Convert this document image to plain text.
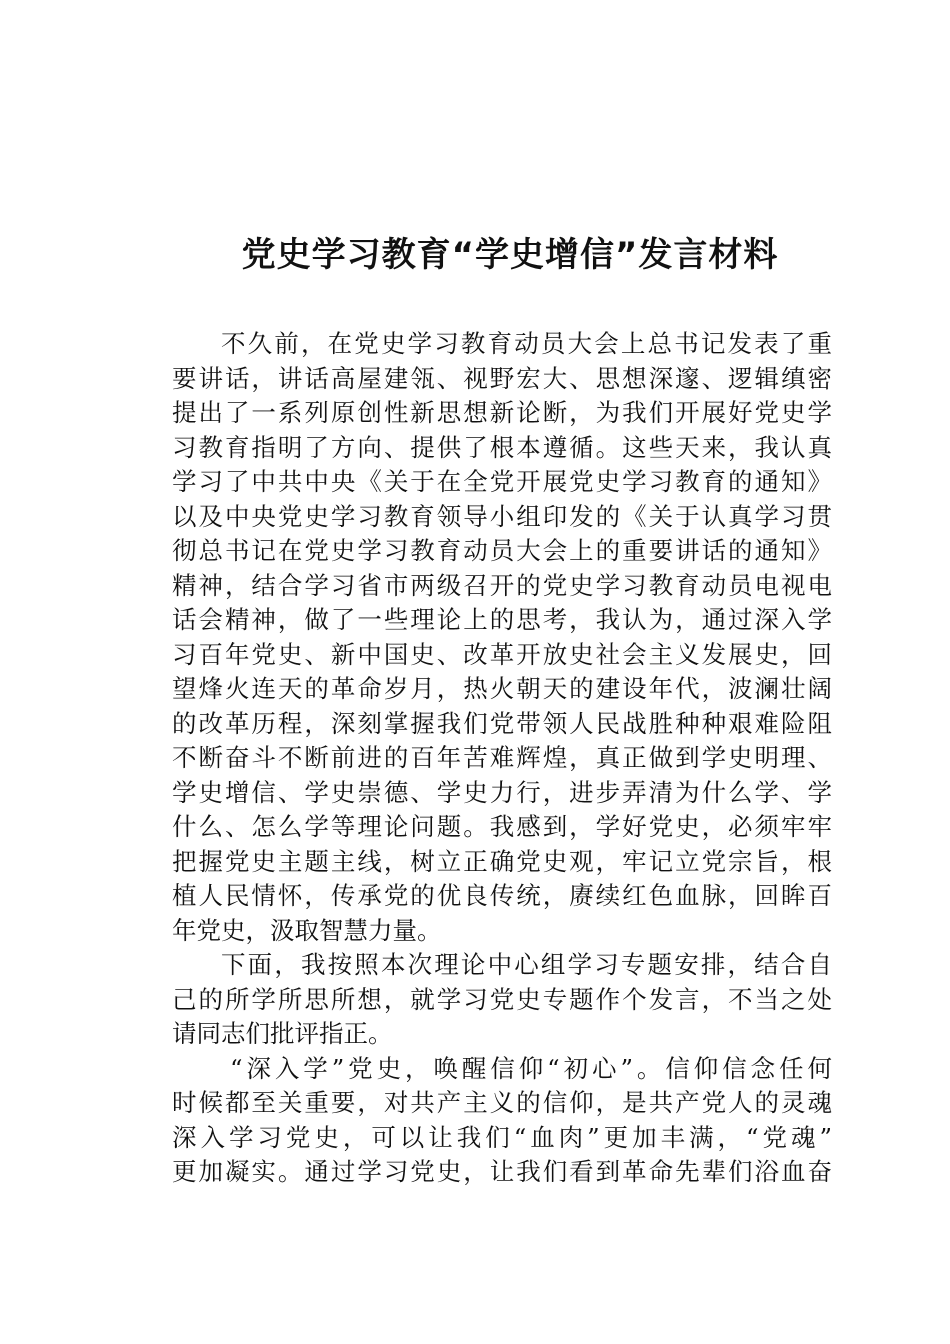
党史学习教育“学史增信”发言材料
不久前，在党史学习教育动员大会上总书记发表了重
要讲话，讲话高屋建瓴、视野宏大、思想深邃、逻辑缜密
提出了一系列原创性新思想新论断，为我们开展好党史学
习教育指明了方向、提供了根本遵循。这些天来，我认真
学习了中共中央《关于在全党开展党史学习教育的通知》
以及中央党史学习教育领导小组印发的《关于认真学习贯
彻总书记在党史学习教育动员大会上的重要讲话的通知》
精神，结合学习省市两级召开的党史学习教育动员电视电
话会精神，做了一些理论上的思考，我认为，通过深入学
习百年党史、新中国史、改革开放史社会主义发展史，回
望烽火连天的革命岁月，热火朝天的建设年代，波澜壮阔
的改革历程，深刻掌握我们党带领人民战胜种种艰难险阻
不断奋斗不断前进的百年苦难辉煌，真正做到学史明理、
学史增信、学史崇德、学史力行，进步弄清为什么学、学
什么、怎么学等理论问题。我感到，学好党史，必须牢牢
把握党史主题主线，树立正确党史观，牢记立党宗旨，根
植人民情怀，传承党的优良传统，赓续红色血脉，回眸百
年党史，汲取智慧力量。
下面，我按照本次理论中心组学习专题安排，结合自
己的所学所思所想，就学习党史专题作个发言，不当之处
请同志们批评指正。
“深入学”党史，唤醒信仰“初心”。信仰信念任何
时候都至关重要，对共产主义的信仰，是共产党人的灵魂
深入学习党史，可以让我们“血肉”更加丰满，“党魂”
更加凝实。通过学习党史，让我们看到革命先辈们浴血奋
